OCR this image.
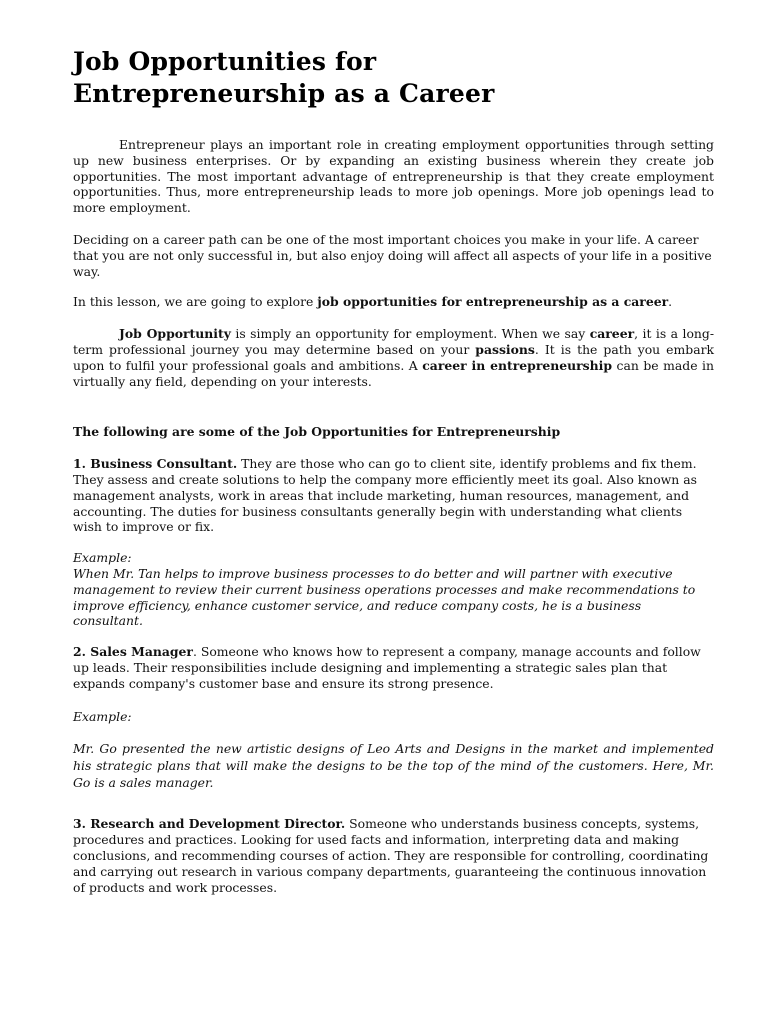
Job Opportunities for
Entrepreneurship as a Career

Entrepreneur plays an important role in creating employment opportunities through setting up new business enterprises. Or by expanding an existing business wherein they create job opportunities. The most important advantage of entrepreneurship is that they create employment opportunities. Thus, more entrepreneurship leads to more job openings. More job openings lead to more employment.

Deciding on a career path can be one of the most important choices you make in your life. A career that you are not only successful in, but also enjoy doing will affect all aspects of your life in a positive way.

In this lesson, we are going to explore job opportunities for entrepreneurship as a career.

Job Opportunity is simply an opportunity for employment. When we say career, it is a long-term professional journey you may determine based on your passions. It is the path you embark upon to fulfil your professional goals and ambitions. A career in entrepreneurship can be made in virtually any field, depending on your interests.

The following are some of the Job Opportunities for Entrepreneurship

1. Business Consultant. They are those who can go to client site, identify problems and fix them. They assess and create solutions to help the company more efficiently meet its goal. Also known as management analysts, work in areas that include marketing, human resources, management, and accounting. The duties for business consultants generally begin with understanding what clients wish to improve or fix.

Example:

When Mr. Tan helps to improve business processes to do better and will partner with executive management to review their current business operations processes and make recommendations to improve efficiency, enhance customer service, and reduce company costs, he is a business consultant.

2. Sales Manager. Someone who knows how to represent a company, manage accounts and follow up leads. Their responsibilities include designing and implementing a strategic sales plan that expands company's customer base and ensure its strong presence.

Example:

Mr. Go presented the new artistic designs of Leo Arts and Designs in the market and implemented his strategic plans that will make the designs to be the top of the mind of the customers. Here, Mr. Go is a sales manager.

3. Research and Development Director. Someone who understands business concepts, systems, procedures and practices. Looking for used facts and information, interpreting data and making conclusions, and recommending courses of action. They are responsible for controlling, coordinating and carrying out research in various company departments, guaranteeing the continuous innovation of products and work processes.
